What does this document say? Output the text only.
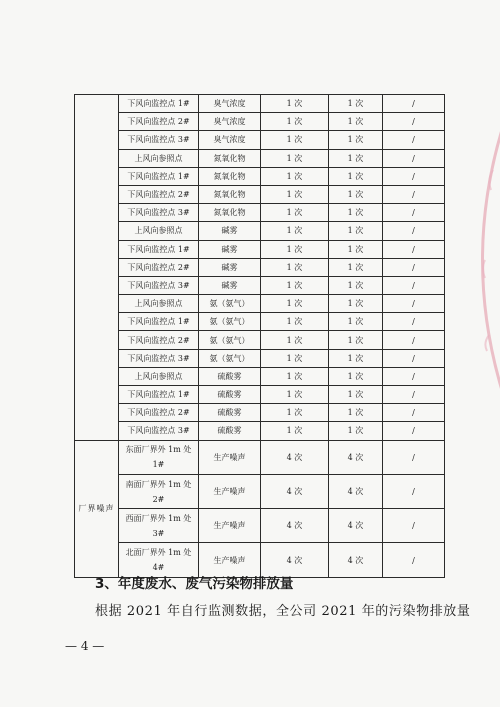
	下风向监控点 1#	臭气浓度	1 次	1 次	/
	下风向监控点 2#	臭气浓度	1 次	1 次	/
	下风向监控点 3#	臭气浓度	1 次	1 次	/
	上风向参照点	氮氧化物	1 次	1 次	/
	下风向监控点 1#	氮氧化物	1 次	1 次	/
	下风向监控点 2#	氮氧化物	1 次	1 次	/
	下风向监控点 3#	氮氧化物	1 次	1 次	/
	上风向参照点	碱雾	1 次	1 次	/
	下风向监控点 1#	碱雾	1 次	1 次	/
	下风向监控点 2#	碱雾	1 次	1 次	/
	下风向监控点 3#	碱雾	1 次	1 次	/
	上风向参照点	氨（氨气）	1 次	1 次	/
	下风向监控点 1#	氨（氨气）	1 次	1 次	/
	下风向监控点 2#	氨（氨气）	1 次	1 次	/
	下风向监控点 3#	氨（氨气）	1 次	1 次	/
	上风向参照点	硫酸雾	1 次	1 次	/
	下风向监控点 1#	硫酸雾	1 次	1 次	/
	下风向监控点 2#	硫酸雾	1 次	1 次	/
	下风向监控点 3#	硫酸雾	1 次	1 次	/
厂界噪声	东面厂界外 1m 处 1#	生产噪声	4 次	4 次	/
	南面厂界外 1m 处 2#	生产噪声	4 次	4 次	/
	西面厂界外 1m 处 3#	生产噪声	4 次	4 次	/
	北面厂界外 1m 处 4#	生产噪声	4 次	4 次	/
3、年度废水、废气污染物排放量
根据 2021 年自行监测数据，全公司 2021 年的污染物排放量
— 4 —
